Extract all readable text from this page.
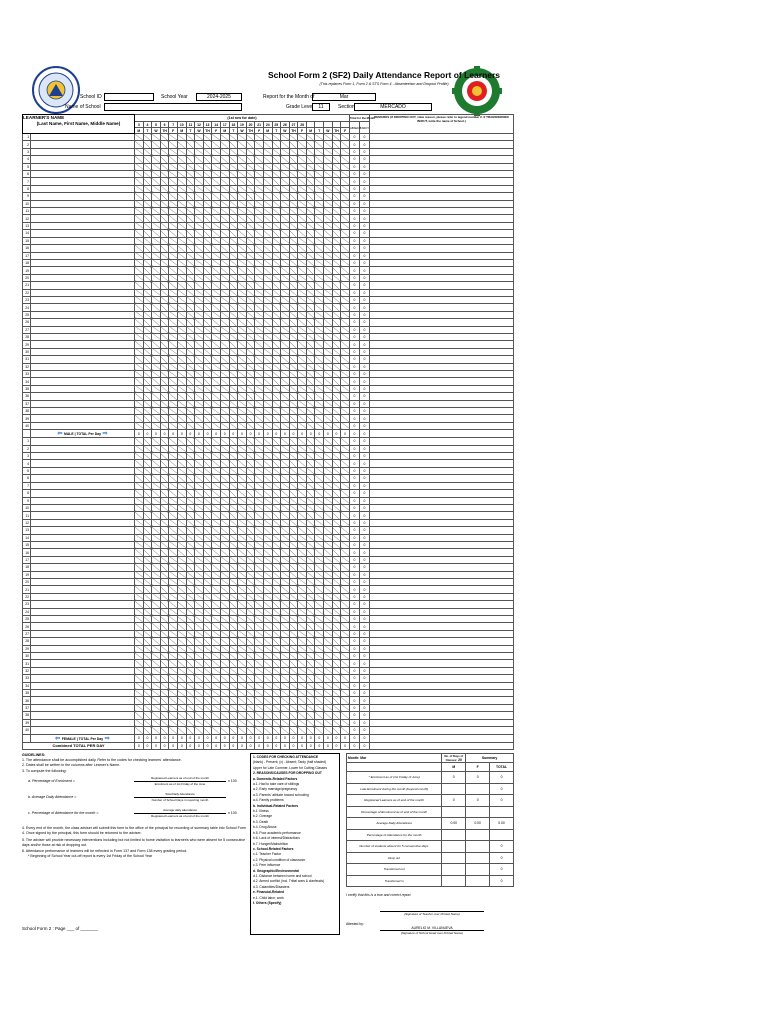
School Form 2 (SF2) Daily Attendance Report of Learners
(This replaces Form 1, Form 2 & STS Form 4 - Absenteeism and Dropout Profile)
School ID	School Year	2024-2025	Report for the Month of	Mar
Name of School	Grade Level	11	Section	MERCADO
LEARNER'S NAME
(Last Name, First Name, Middle Name)		(1st row for date)																									Total for the Month		REMARKS (If DROPPED OUT, state reason, please refer to legend number 2. If TRANSFERRED IN/OUT, write the name of School.)
		3	4	5	6	7	10	11	12	13	14	17	18	19	20	21	24	25	26	27	28						ABSENT	TARDY	
		M	T	W	TH	F	M	T	W	TH	F	M	T	W	TH	F	M	T	W	TH	F	M	T	W	TH	F			
1																											0	0	
2																											0	0	
3																											0	0	
4																											0	0	
5																											0	0	
6																											0	0	
7																											0	0	
8																											0	0	
9																											0	0	
10																											0	0	
11																											0	0	
12																											0	0	
13																											0	0	
14																											0	0	
15																											0	0	
16																											0	0	
17																											0	0	
18																											0	0	
19																											0	0	
20																											0	0	
21																											0	0	
22																											0	0	
23																											0	0	
24																											0	0	
25																											0	0	
26																											0	0	
27																											0	0	
28																											0	0	
29																											0	0	
30																											0	0	
31																											0	0	
32																											0	0	
33																											0	0	
34																											0	0	
35																											0	0	
36																											0	0	
37																											0	0	
38																											0	0	
39																											0	0	
40																											0	0	
	⇦ MALE | TOTAL Per Day ⇨	0	0	0	0	0	0	0	0	0	0	0	0	0	0	0	0	0	0	0	0	0	0	0	0	0	0	0	
1																											0	0	
2																											0	0	
3																											0	0	
4																											0	0	
5																											0	0	
6																											0	0	
7																											0	0	
8																											0	0	
9																											0	0	
10																											0	0	
11																											0	0	
12																											0	0	
13																											0	0	
14																											0	0	
15																											0	0	
16																											0	0	
17																											0	0	
18																											0	0	
19																											0	0	
20																											0	0	
21																											0	0	
22																											0	0	
23																											0	0	
24																											0	0	
25																											0	0	
26																											0	0	
27																											0	0	
28																											0	0	
29																											0	0	
30																											0	0	
31																											0	0	
32																											0	0	
33																											0	0	
34																											0	0	
35																											0	0	
36																											0	0	
37																											0	0	
38																											0	0	
39																											0	0	
40																											0	0	
	⇦ FEMALE | TOTAL Per Day ⇨	0	0	0	0	0	0	0	0	0	0	0	0	0	0	0	0	0	0	0	0	0	0	0	0	0	0	0	
Combined TOTAL PER DAY		0	0	0	0	0	0	0	0	0	0	0	0	0	0	0	0	0	0	0	0	0	0	0	0	0	0	0	
GUIDELINES:
1. The attendance shall be accomplished daily. Refer to the codes for checking learners' attendance.
2. Dates shall be written in the columns after Learner's Name.
3. To compute the following:
a. Percentage of Enrolment =
Registered Learners as of end of the month
Enrolment as of 1st Friday of the June
x 100
b. Average Daily Attendance =
Total Daily Attendance
Number of School Days in reporting month
c. Percentage of Attendance for the month =
Average daily attendance
Registered Learners as of end of the month
x 100
4. Every end of the month, the class adviser will submit this form to the office of the principal for recording of summary table into School Form 4. Once signed by the principal, this form should be returned to the adviser.
5. The adviser will provide necessary interventions including but not limited to home visitation to learner/s who were absent for 5 consecutive days and/or those at risk of dropping out.
6. Attendance performance of learners will be reflected in Form 137 and Form 138 every grading period.
* Beginning of School Year cut-off report is every 1st Friday of the School Year
1. CODES FOR CHECKING ATTENDANCE
(blank) - Present; (x) - Absent; Tardy (half shaded)
Upper for Late Commer, Lower for Cutting Classes
2. REASONS/CAUSES FOR DROPPING OUT
a. Domestic-Related Factors
a.1. Had to take care of siblings
a.2. Early marriage/pregnancy
a.3. Parents' attitude toward schooling
a.4. Family problems
b. Individual-Related Factors
b.1. Illness
b.2. Overage
b.3. Death
b.4. Drug Abuse
b.5. Poor academic performance
b.6. Lack of interest/Distractions
b.7. Hunger/Malnutrition
c. School-Related Factors
c.1. Teacher Factor
c.2. Physical condition of classroom
c.3. Peer influence
d. Geographic/Environmental
d.1. Distance between home and school
d.2. Armed conflict (incl. Tribal wars & clanfeuds)
d.3. Calamities/Disasters
e. Financial-Related
e.1. Child labor, work
f. Others (Specify)
Month: Mar	No. of Days of Classes: 20	Summary	
	M	F	TOTAL
* Enrolment as of (1st Friday of June)	0	0	0
Late Enrolment during the month (beyond cut-off)			0
Registered Learners as of end of the month	0	0	0
Percentage of Enrolment as of end of the month			
Average Daily Attendance	0.00	0.00	0.00
Percentage of Attendance for the month			
Number of students absent for 5 consecutive days:			0
Drop out			0
Transferred out			0
Transferred in			0
I certify that this is a true and correct report.
(Signature of Teacher over Printed Name)
Attested by:
AURELIO M. VILLANUEVA
(Signature of School Head over Printed Name)
School Form 2 : Page ___ of _______
